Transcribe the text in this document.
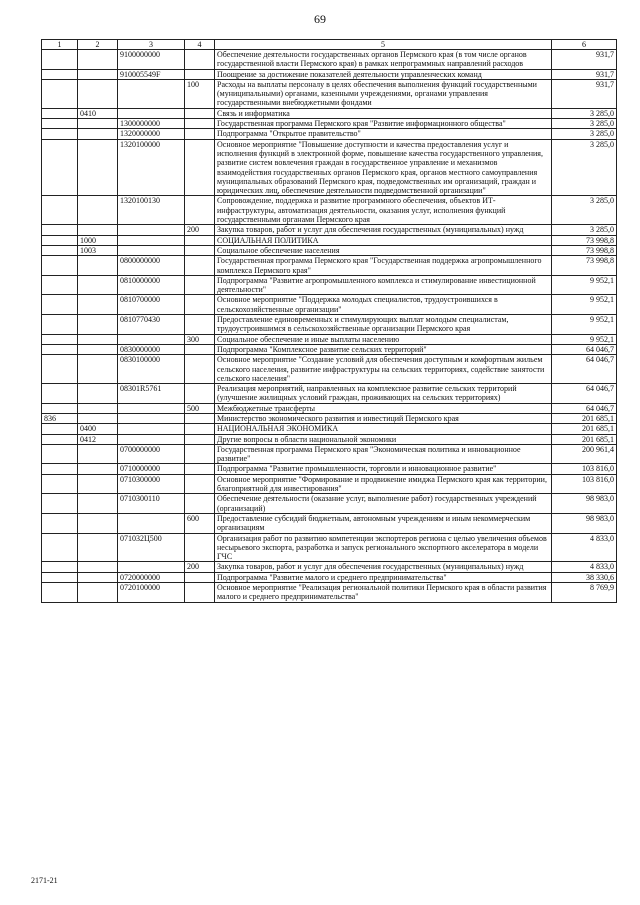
69
1	2	3	4	5	6
		9100000000		Обеспечение деятельности государственных органов Пермского края (в том числе органов государственной власти Пермского края) в рамках непрограммных направлений расходов	931,7
		910005549F		Поощрение за достижение показателей деятельности управленческих команд	931,7
			100	Расходы на выплаты персоналу в целях обеспечения выполнения функций государственными (муниципальными) органами, казенными учреждениями, органами управления государственными внебюджетными фондами	931,7
	0410			Связь и информатика	3 285,0
		1300000000		Государственная программа Пермского края "Развитие информационного общества"	3 285,0
		1320000000		Подпрограмма "Открытое правительство"	3 285,0
		1320100000		Основное мероприятие "Повышение доступности и качества предоставления услуг и исполнения функций в электронной форме, повышение качества государственного управления, развитие систем вовлечения граждан в государственное управление и механизмов взаимодействия государственных органов Пермского края, органов местного самоуправления муниципальных образований Пермского края, подведомственных им организаций, граждан и юридических лиц, обеспечение деятельности подведомственной организации"	3 285,0
		1320100130		Сопровождение, поддержка и развитие программного обеспечения, объектов ИТ-инфраструктуры, автоматизация деятельности, оказания услуг, исполнения функций государственными органами Пермского края	3 285,0
			200	Закупка товаров, работ и услуг для обеспечения государственных (муниципальных) нужд	3 285,0
	1000			СОЦИАЛЬНАЯ ПОЛИТИКА	73 998,8
	1003			Социальное обеспечение населения	73 998,8
		0800000000		Государственная программа Пермского края "Государственная поддержка агропромышленного комплекса Пермского края"	73 998,8
		0810000000		Подпрограмма "Развитие агропромышленного комплекса и стимулирование инвестиционной деятельности"	9 952,1
		0810700000		Основное мероприятие "Поддержка молодых специалистов, трудоустроившихся в сельскохозяйственные организации"	9 952,1
		0810770430		Предоставление единовременных и стимулирующих выплат молодым специалистам, трудоустроившимся в сельскохозяйственные организации Пермского края	9 952,1
			300	Социальное обеспечение и иные выплаты населению	9 952,1
		0830000000		Подпрограмма "Комплексное развитие сельских территорий"	64 046,7
		0830100000		Основное мероприятие "Создание условий для обеспечения доступным и комфортным жильем сельского населения, развитие инфраструктуры на сельских территориях, содействие занятости сельского населения"	64 046,7
		08301R5761		Реализация мероприятий, направленных на комплексное развитие сельских территорий (улучшение жилищных условий граждан, проживающих на сельских территориях)	64 046,7
			500	Межбюджетные трансферты	64 046,7
836				Министерство экономического развития и инвестиций Пермского края	201 685,1
	0400			НАЦИОНАЛЬНАЯ ЭКОНОМИКА	201 685,1
	0412			Другие вопросы в области национальной экономики	201 685,1
		0700000000		Государственная программа Пермского края "Экономическая политика и инновационное развитие"	200 961,4
		0710000000		Подпрограмма "Развитие промышленности, торговли и инновационное развитие"	103 816,0
		0710300000		Основное мероприятие "Формирование и продвижение имиджа Пермского края как территории, благоприятной для инвестирования"	103 816,0
		0710300110		Обеспечение деятельности (оказание услуг, выполнение работ) государственных учреждений (организаций)	98 983,0
			600	Предоставление субсидий бюджетным, автономным учреждениям и иным некоммерческим организациям	98 983,0
		071032Ц500		Организация работ по развитию компетенции экспортеров региона с целью увеличения объемов несырьевого экспорта, разработка и запуск регионального экспортного акселератора в модели ГЧС	4 833,0
			200	Закупка товаров, работ и услуг для обеспечения государственных (муниципальных) нужд	4 833,0
		0720000000		Подпрограмма "Развитие малого и среднего предпринимательства"	38 330,6
		0720100000		Основное мероприятие "Реализация региональной политики Пермского края в области развития малого и среднего предпринимательства"	8 769,9
2171-21
